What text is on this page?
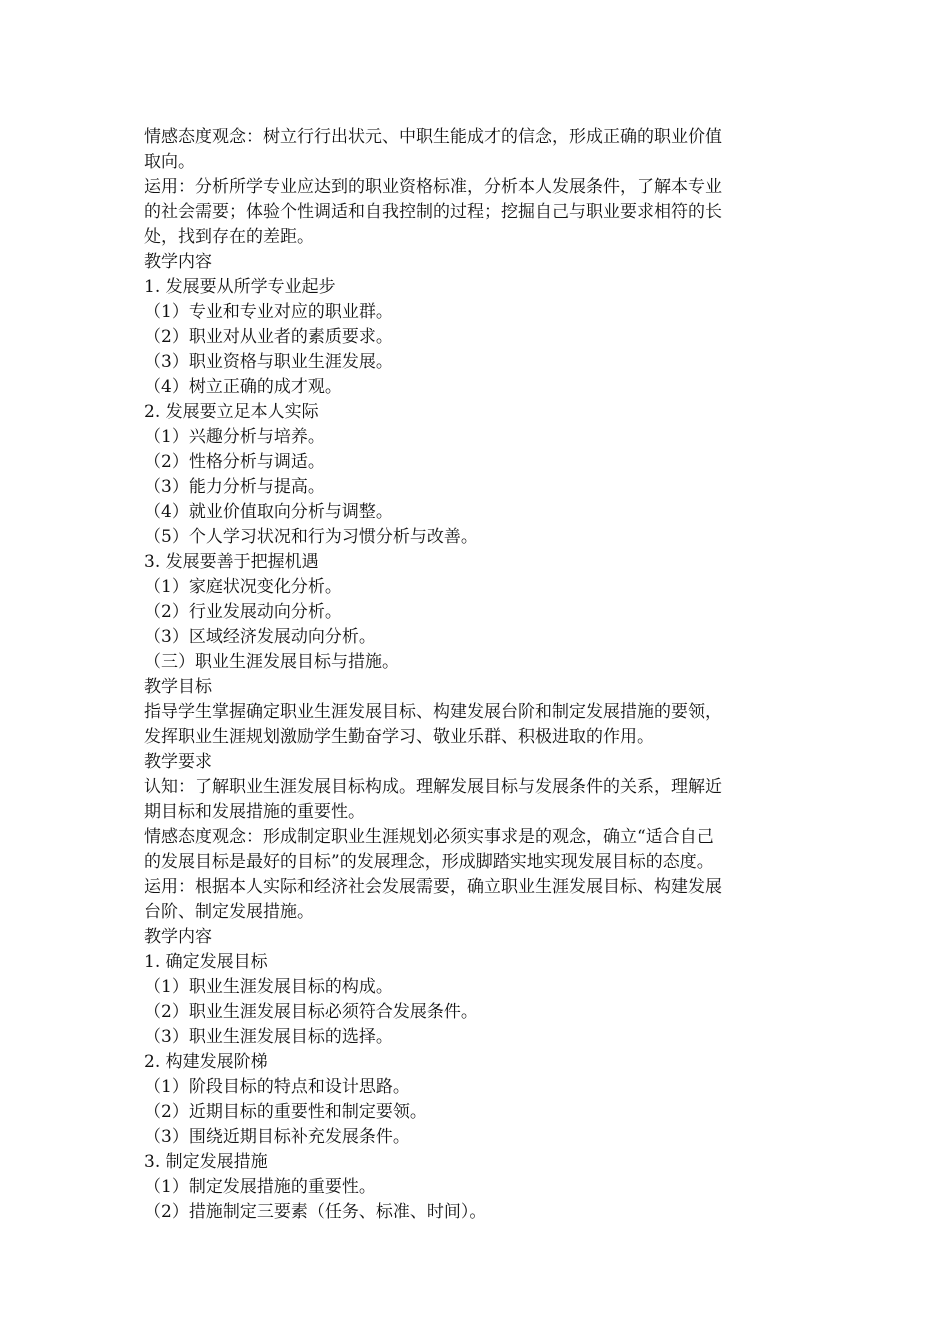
情感态度观念：树立行行出状元、中职生能成才的信念，形成正确的职业价值
取向。
运用：分析所学专业应达到的职业资格标准，分析本人发展条件，了解本专业
的社会需要；体验个性调适和自我控制的过程；挖掘自己与职业要求相符的长
处，找到存在的差距。
教学内容
1. 发展要从所学专业起步
（1）专业和专业对应的职业群。
（2）职业对从业者的素质要求。
（3）职业资格与职业生涯发展。
（4）树立正确的成才观。
2. 发展要立足本人实际
（1）兴趣分析与培养。
（2）性格分析与调适。
（3）能力分析与提高。
（4）就业价值取向分析与调整。
（5）个人学习状况和行为习惯分析与改善。
3. 发展要善于把握机遇
（1）家庭状况变化分析。
（2）行业发展动向分析。
（3）区域经济发展动向分析。
（三）职业生涯发展目标与措施。
教学目标
指导学生掌握确定职业生涯发展目标、构建发展台阶和制定发展措施的要领，
发挥职业生涯规划激励学生勤奋学习、敬业乐群、积极进取的作用。
教学要求
认知：了解职业生涯发展目标构成。理解发展目标与发展条件的关系，理解近
期目标和发展措施的重要性。
情感态度观念：形成制定职业生涯规划必须实事求是的观念，确立“适合自己
的发展目标是最好的目标”的发展理念，形成脚踏实地实现发展目标的态度。
运用：根据本人实际和经济社会发展需要，确立职业生涯发展目标、构建发展
台阶、制定发展措施。
教学内容
1. 确定发展目标
（1）职业生涯发展目标的构成。
（2）职业生涯发展目标必须符合发展条件。
（3）职业生涯发展目标的选择。
2. 构建发展阶梯
（1）阶段目标的特点和设计思路。
（2）近期目标的重要性和制定要领。
（3）围绕近期目标补充发展条件。
3. 制定发展措施
（1）制定发展措施的重要性。
（2）措施制定三要素（任务、标准、时间）。
